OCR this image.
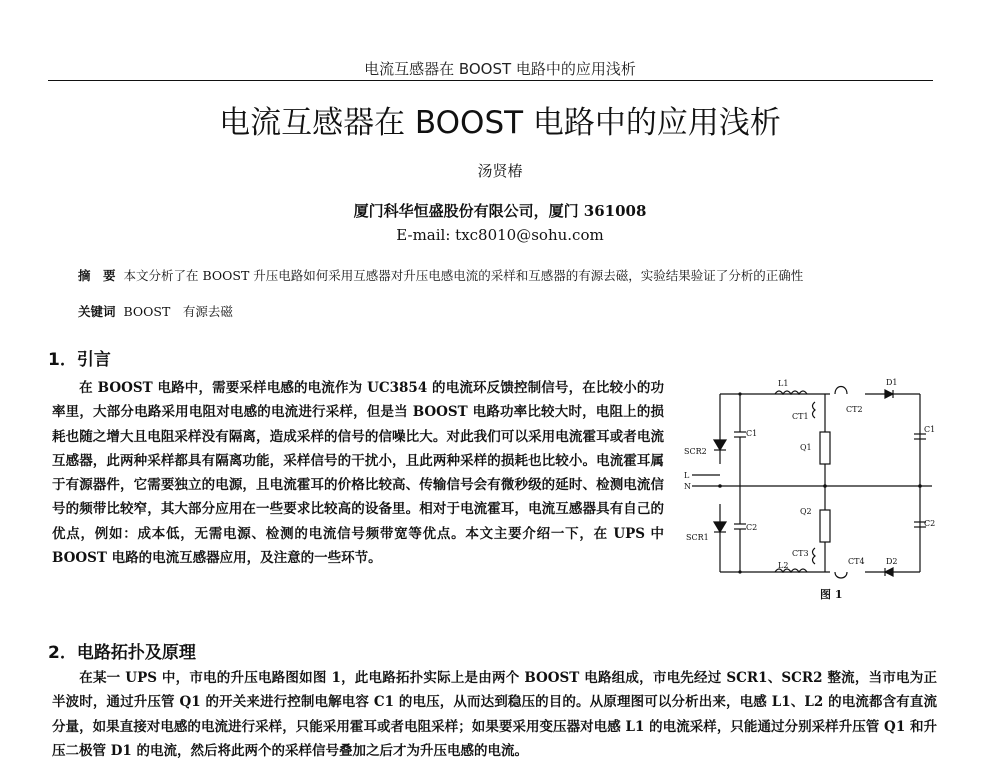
电流互感器在 BOOST 电路中的应用浅析
电流互感器在 BOOST 电路中的应用浅析
汤贤椿
厦门科华恒盛股份有限公司，厦门 361008
E-mail: txc8010@sohu.com
摘　要 本文分析了在 BOOST 升压电路如何采用互感器对升压电感电流的采样和互感器的有源去磁，实验结果验证了分析的正确性
关键词 BOOST　有源去磁
1．引言
在 BOOST 电路中，需要采样电感的电流作为 UC3854 的电流环反馈控制信号，在比较小的功率里，大部分电路采用电阻对电感的电流进行采样，但是当 BOOST 电路功率比较大时，电阻上的损耗也随之增大且电阻采样没有隔离，造成采样的信号的信噪比大。对此我们可以采用电流霍耳或者电流互感器，此两种采样都具有隔离功能，采样信号的干扰小，且此两种采样的损耗也比较小。电流霍耳属于有源器件，它需要独立的电源，且电流霍耳的价格比较高、传输信号会有微秒级的延时、检测电流信号的频带比较窄，其大部分应用在一些要求比较高的设备里。相对于电流霍耳，电流互感器具有自己的优点，例如：成本低，无需电源、检测的电流信号频带宽等优点。本文主要介绍一下，在 UPS 中 BOOST 电路的电流互感器应用，及注意的一些环节。
L1	D1
CT1
CT2
Q1
C1	C1
SCR2
L
N
Q2
C2	C2
SCR1
CT3
L2	CT4	D2
图 1
2．电路拓扑及原理
在某一 UPS 中，市电的升压电路图如图 1，此电路拓扑实际上是由两个 BOOST 电路组成，市电先经过 SCR1、SCR2 整流，当市电为正半波时，通过升压管 Q1 的开关来进行控制电解电容 C1 的电压，从而达到稳压的目的。从原理图可以分析出来，电感 L1、L2 的电流都含有直流分量，如果直接对电感的电流进行采样，只能采用霍耳或者电阻采样；如果要采用变压器对电感 L1 的电流采样，只能通过分别采样升压管 Q1 和升压二极管 D1 的电流，然后将此两个的采样信号叠加之后才为升压电感的电流。
